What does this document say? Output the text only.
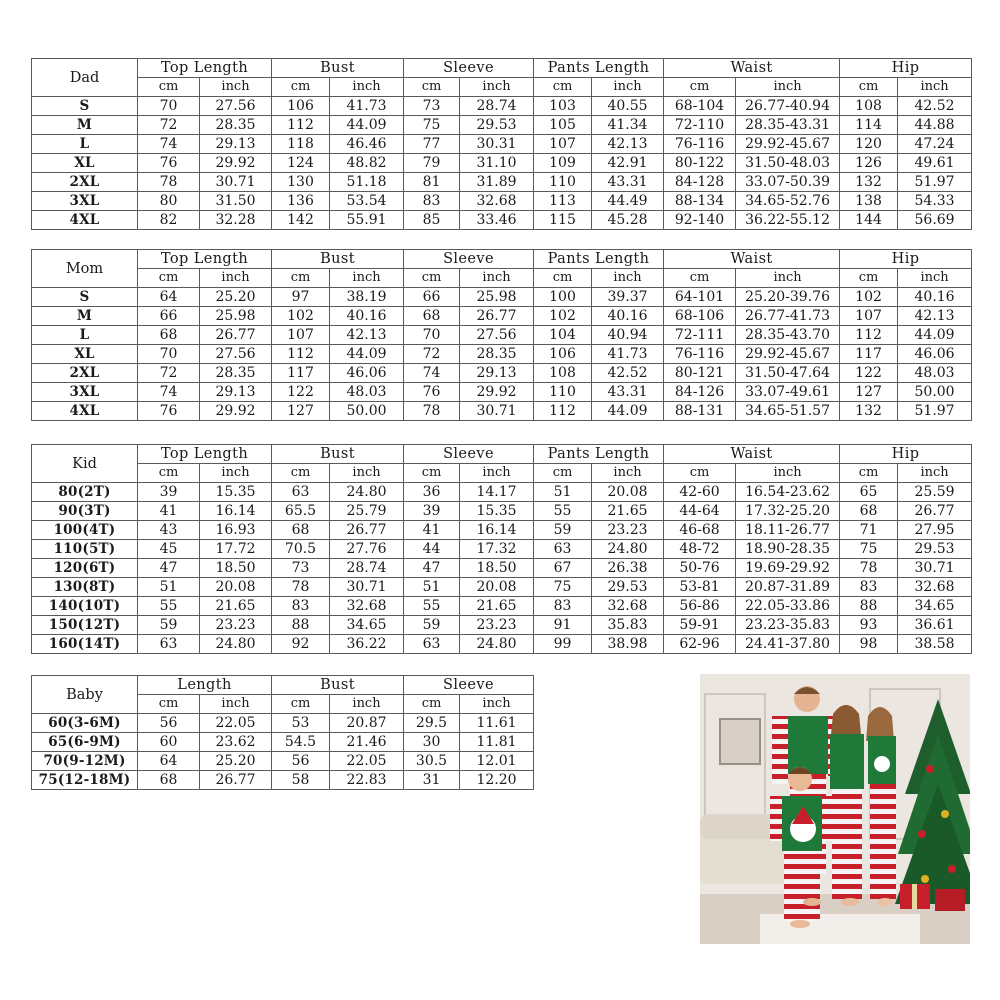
Dad	Top Length		Bust		Sleeve		Pants Length		Waist		Hip	
	cm	inch	cm	inch	cm	inch	cm	inch	cm	inch	cm	inch
S	70	27.56	106	41.73	73	28.74	103	40.55	68-104	26.77-40.94	108	42.52
M	72	28.35	112	44.09	75	29.53	105	41.34	72-110	28.35-43.31	114	44.88
L	74	29.13	118	46.46	77	30.31	107	42.13	76-116	29.92-45.67	120	47.24
XL	76	29.92	124	48.82	79	31.10	109	42.91	80-122	31.50-48.03	126	49.61
2XL	78	30.71	130	51.18	81	31.89	110	43.31	84-128	33.07-50.39	132	51.97
3XL	80	31.50	136	53.54	83	32.68	113	44.49	88-134	34.65-52.76	138	54.33
4XL	82	32.28	142	55.91	85	33.46	115	45.28	92-140	36.22-55.12	144	56.69
Mom	Top Length		Bust		Sleeve		Pants Length		Waist		Hip	
	cm	inch	cm	inch	cm	inch	cm	inch	cm	inch	cm	inch
S	64	25.20	97	38.19	66	25.98	100	39.37	64-101	25.20-39.76	102	40.16
M	66	25.98	102	40.16	68	26.77	102	40.16	68-106	26.77-41.73	107	42.13
L	68	26.77	107	42.13	70	27.56	104	40.94	72-111	28.35-43.70	112	44.09
XL	70	27.56	112	44.09	72	28.35	106	41.73	76-116	29.92-45.67	117	46.06
2XL	72	28.35	117	46.06	74	29.13	108	42.52	80-121	31.50-47.64	122	48.03
3XL	74	29.13	122	48.03	76	29.92	110	43.31	84-126	33.07-49.61	127	50.00
4XL	76	29.92	127	50.00	78	30.71	112	44.09	88-131	34.65-51.57	132	51.97
Kid	Top Length		Bust		Sleeve		Pants Length		Waist		Hip	
	cm	inch	cm	inch	cm	inch	cm	inch	cm	inch	cm	inch
80(2T)	39	15.35	63	24.80	36	14.17	51	20.08	42-60	16.54-23.62	65	25.59
90(3T)	41	16.14	65.5	25.79	39	15.35	55	21.65	44-64	17.32-25.20	68	26.77
100(4T)	43	16.93	68	26.77	41	16.14	59	23.23	46-68	18.11-26.77	71	27.95
110(5T)	45	17.72	70.5	27.76	44	17.32	63	24.80	48-72	18.90-28.35	75	29.53
120(6T)	47	18.50	73	28.74	47	18.50	67	26.38	50-76	19.69-29.92	78	30.71
130(8T)	51	20.08	78	30.71	51	20.08	75	29.53	53-81	20.87-31.89	83	32.68
140(10T)	55	21.65	83	32.68	55	21.65	83	32.68	56-86	22.05-33.86	88	34.65
150(12T)	59	23.23	88	34.65	59	23.23	91	35.83	59-91	23.23-35.83	93	36.61
160(14T)	63	24.80	92	36.22	63	24.80	99	38.98	62-96	24.41-37.80	98	38.58
Baby	Length		Bust		Sleeve	
	cm	inch	cm	inch	cm	inch
60(3-6M)	56	22.05	53	20.87	29.5	11.61
65(6-9M)	60	23.62	54.5	21.46	30	11.81
70(9-12M)	64	25.20	56	22.05	30.5	12.01
75(12-18M)	68	26.77	58	22.83	31	12.20
